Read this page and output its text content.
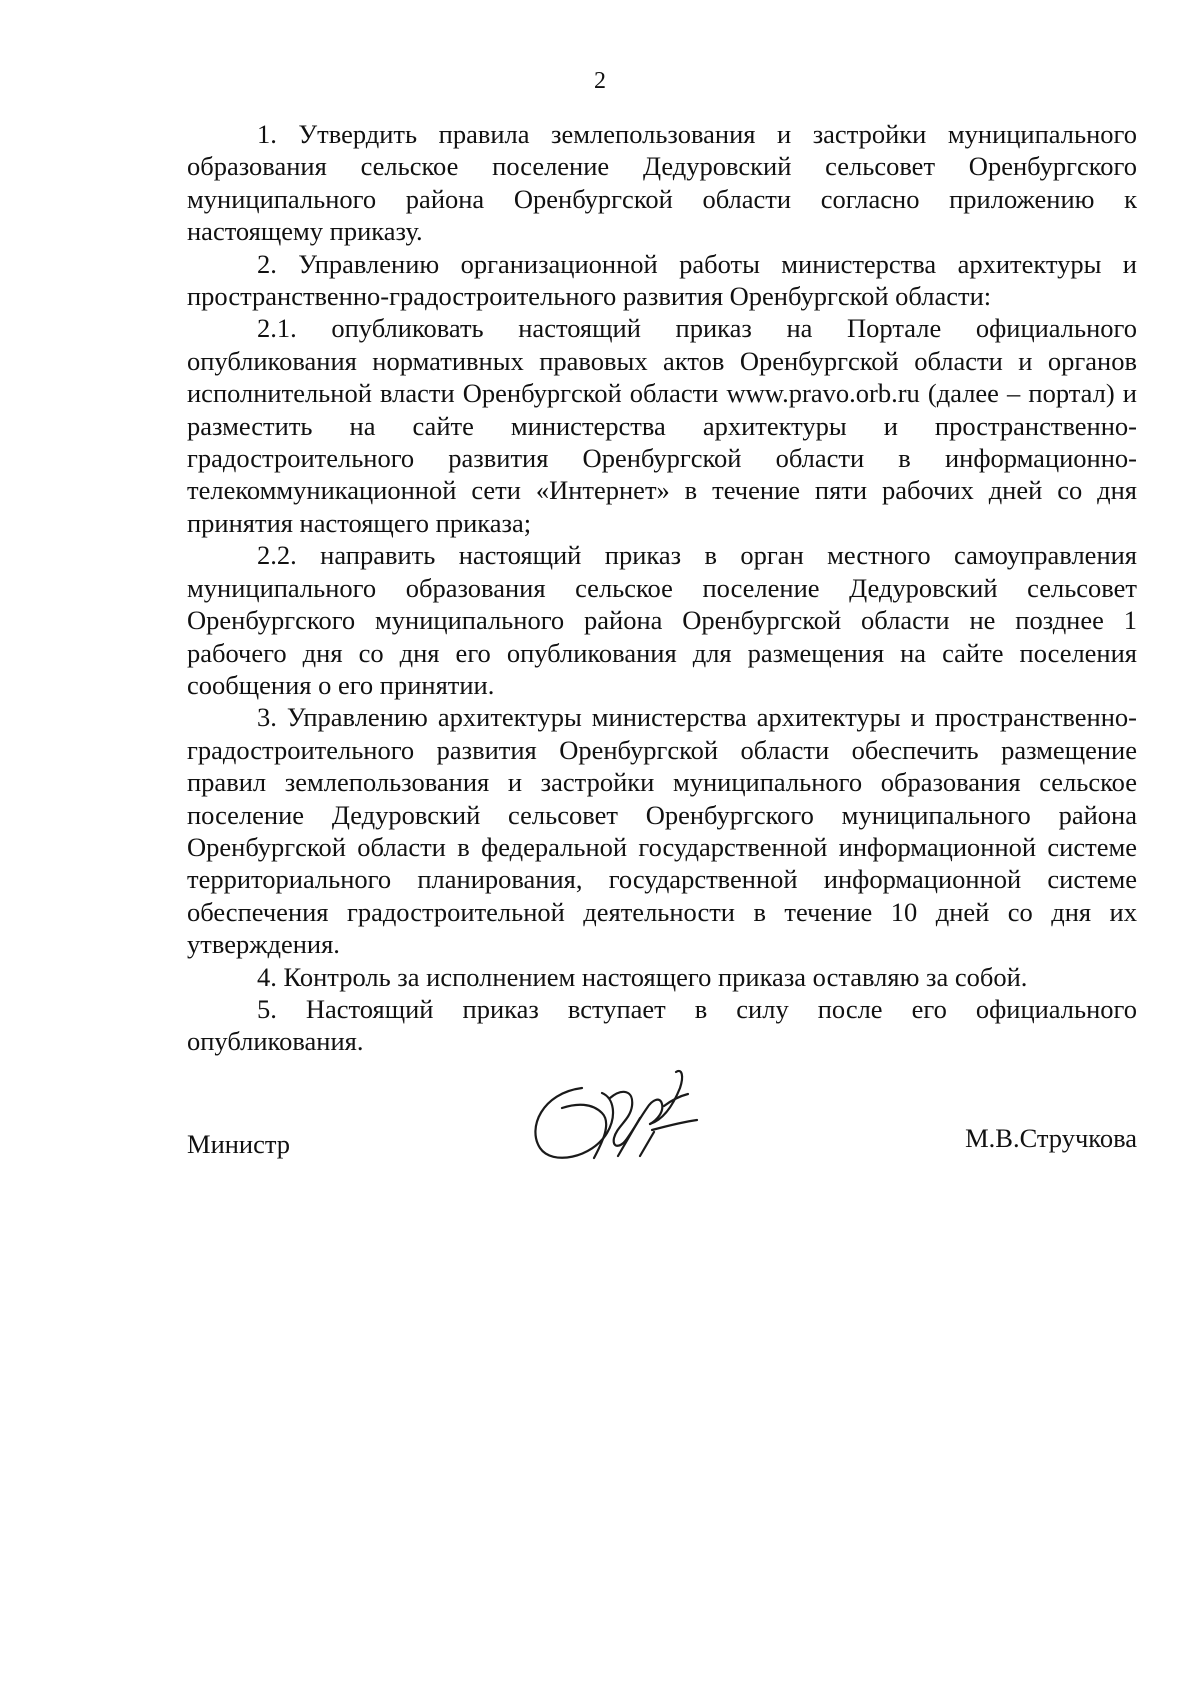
2

1. Утвердить правила землепользования и застройки муниципального образования сельское поселение Дедуровский сельсовет Оренбургского муниципального района Оренбургской области согласно приложению к настоящему приказу.

2. Управлению организационной работы министерства архитектуры и пространственно-градостроительного развития Оренбургской области:

2.1. опубликовать настоящий приказ на Портале официального опубликования нормативных правовых актов Оренбургской области и органов исполнительной власти Оренбургской области www.pravo.orb.ru (далее – портал) и разместить на сайте министерства архитектуры и пространственно-градостроительного развития Оренбургской области в информационно-телекоммуникационной сети «Интернет» в течение пяти рабочих дней со дня принятия настоящего приказа;

2.2. направить настоящий приказ в орган местного самоуправления муниципального образования сельское поселение Дедуровский сельсовет Оренбургского муниципального района Оренбургской области не позднее 1 рабочего дня со дня его опубликования для размещения на сайте поселения сообщения о его принятии.

3. Управлению архитектуры министерства архитектуры и пространственно-градостроительного развития Оренбургской области обеспечить размещение правил землепользования и застройки муниципального образования сельское поселение Дедуровский сельсовет Оренбургского муниципального района Оренбургской области в федеральной государственной информационной системе территориального планирования, государственной информационной системе обеспечения градостроительной деятельности в течение 10 дней со дня их утверждения.

4. Контроль за исполнением настоящего приказа оставляю за собой.

5. Настоящий приказ вступает в силу после его официального опубликования.

Министр	М.В.Стручкова
